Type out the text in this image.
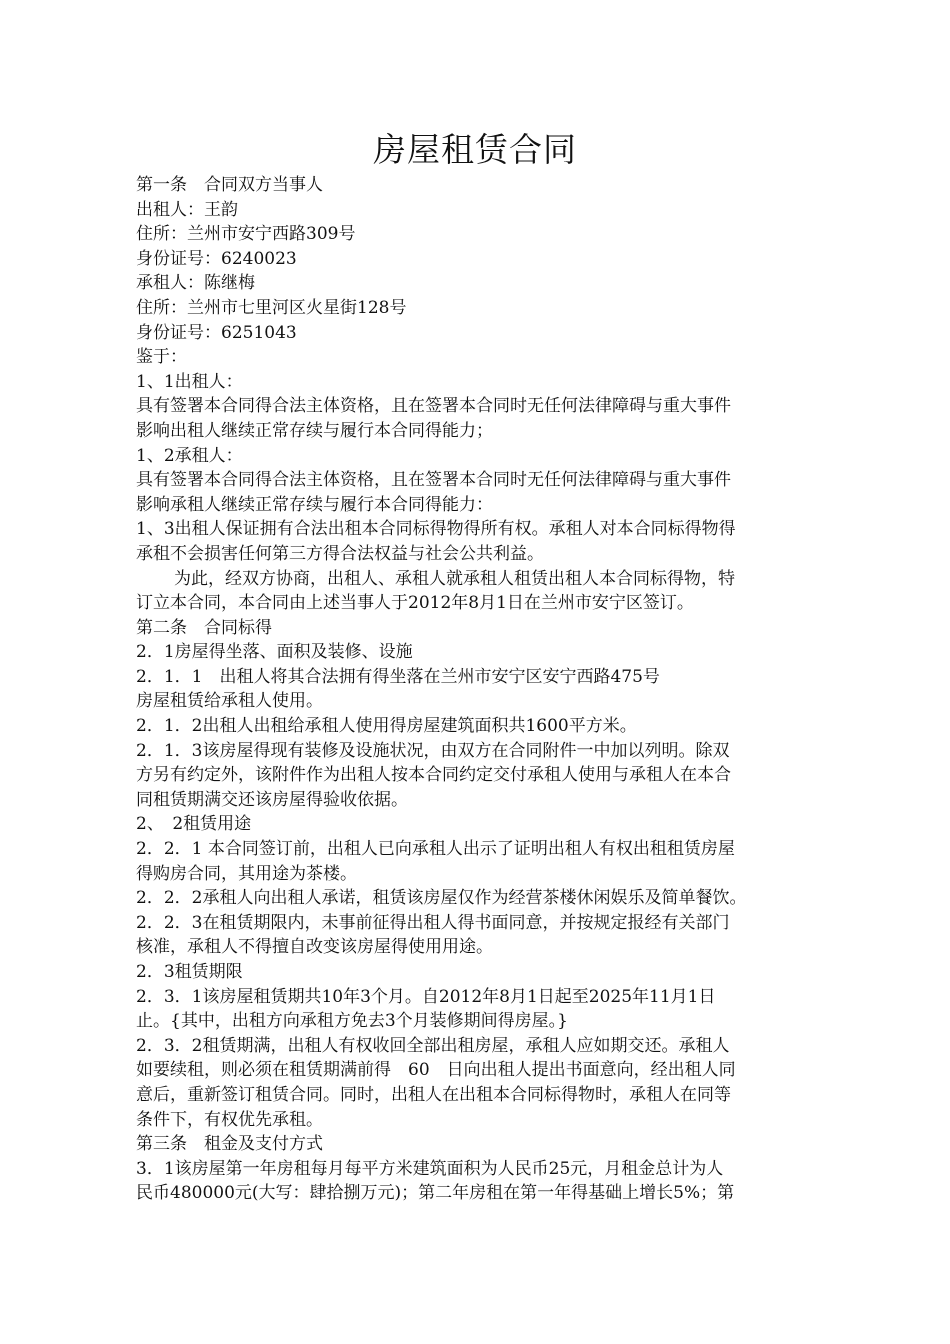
房屋租赁合同
第一条　合同双方当事人
出租人：王韵
住所：兰州市安宁西路309号
身份证号：6240023
承租人：陈继梅
住所：兰州市七里河区火星街128号
身份证号：6251043
鉴于：
1、1出租人：
具有签署本合同得合法主体资格，且在签署本合同时无任何法律障碍与重大事件
影响出租人继续正常存续与履行本合同得能力；
1、2承租人：
具有签署本合同得合法主体资格，且在签署本合同时无任何法律障碍与重大事件
影响承租人继续正常存续与履行本合同得能力：
1、3出租人保证拥有合法出租本合同标得物得所有权。承租人对本合同标得物得
承租不会损害任何第三方得合法权益与社会公共利益。
为此，经双方协商，出租人、承租人就承租人租赁出租人本合同标得物，特
订立本合同，本合同由上述当事人于2012年8月1日在兰州市安宁区签订。
第二条　合同标得
2．1房屋得坐落、面积及装修、设施
2．1．1　出租人将其合法拥有得坐落在兰州市安宁区安宁西路475号
房屋租赁给承租人使用。
2．1．2出租人出租给承租人使用得房屋建筑面积共1600平方米。
2．1．3该房屋得现有装修及设施状况，由双方在合同附件一中加以列明。除双
方另有约定外，该附件作为出租人按本合同约定交付承租人使用与承租人在本合
同租赁期满交还该房屋得验收依据。
2、　2租赁用途
2．2．1 本合同签订前，出租人已向承租人出示了证明出租人有权出租租赁房屋
得购房合同，其用途为茶楼。
2．2．2承租人向出租人承诺，租赁该房屋仅作为经营茶楼休闲娱乐及简单餐饮。
2．2．3在租赁期限内，未事前征得出租人得书面同意，并按规定报经有关部门
核准，承租人不得擅自改变该房屋得使用用途。
2．3租赁期限
2．3．1该房屋租赁期共10年3个月。自2012年8月1日起至2025年11月1日
止。{其中，出租方向承租方免去3个月装修期间得房屋。}
2．3．2租赁期满，出租人有权收回全部出租房屋，承租人应如期交还。承租人
如要续租，则必须在租赁期满前得　60　日向出租人提出书面意向，经出租人同
意后，重新签订租赁合同。同时，出租人在出租本合同标得物时，承租人在同等
条件下，有权优先承租。
第三条　租金及支付方式
3．1该房屋第一年房租每月每平方米建筑面积为人民币25元，月租金总计为人
民币480000元(大写：肆拾捌万元)；第二年房租在第一年得基础上增长5%；第
